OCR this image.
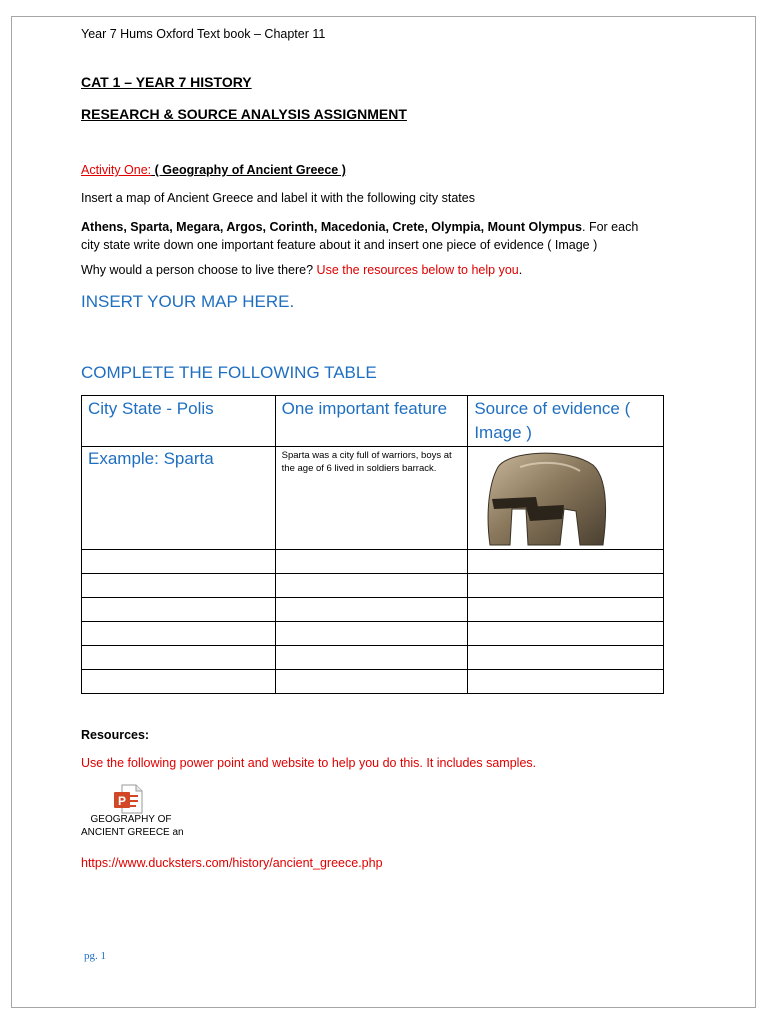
Year 7 Hums Oxford Text book – Chapter 11
CAT 1 – YEAR 7 HISTORY
RESEARCH & SOURCE ANALYSIS ASSIGNMENT
Activity One: ( Geography of Ancient Greece )
Insert a map of Ancient Greece and label it with the following city states
Athens, Sparta, Megara, Argos, Corinth, Macedonia, Crete, Olympia, Mount Olympus. For each
city state write down one important feature about it and insert one piece of evidence ( Image )
Why would a person choose to live there? Use the resources below to help you.
INSERT YOUR MAP HERE.
COMPLETE THE FOLLOWING TABLE
City State - Polis	One important feature	Source of evidence ( Image )
Example: Sparta	Sparta was a city full of warriors, boys at the age of 6 lived in soldiers barrack.	

Resources:
Use the following power point and website to help you do this. It includes samples.
P
GEOGRAPHY OF
ANCIENT GREECE an
https://www.ducksters.com/history/ancient_greece.php
pg. 1
